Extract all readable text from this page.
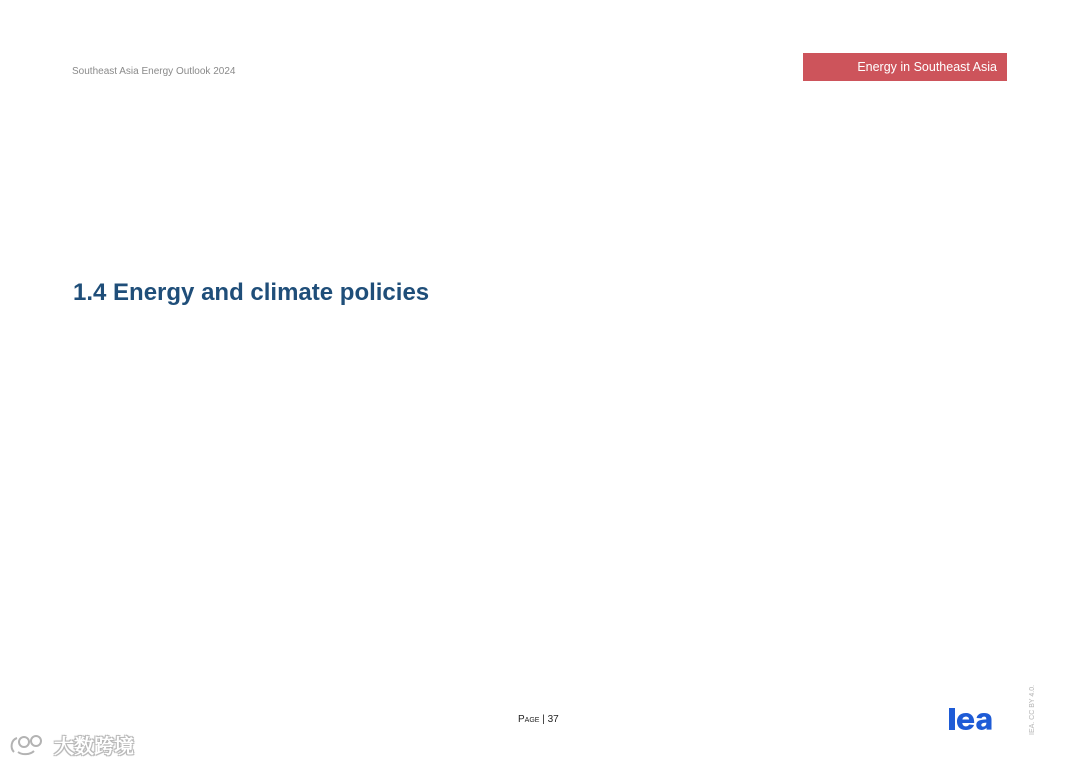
Southeast Asia Energy Outlook 2024	Energy in Southeast Asia
1.4 Energy and climate policies
Page | 37	IEA. CC BY 4.0.
大数跨境
